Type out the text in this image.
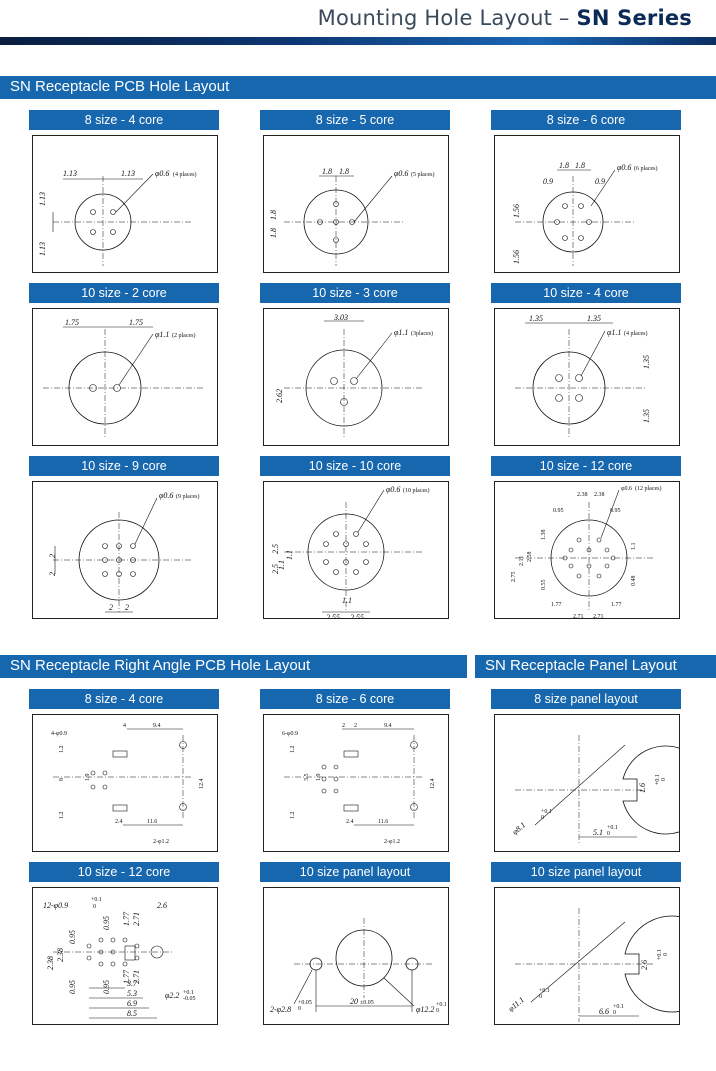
Mounting Hole Layout – SN Series
SN Receptacle PCB Hole Layout
SN Receptacle Right Angle PCB Hole Layout	SN Receptacle Panel Layout
8 size - 4 core
1.13	1.13
1.13
1.13
φ0.6 (4 places)
8 size - 5 core
1.8 1.8
1.8
1.8
φ0.6 (5 places)
8 size - 6 core
1.8 1.8
0.9	0.9
1.56
1.56
φ0.6 (6 places)
10 size - 2 core
1.75	1.75
φ1.1 (2 places)
10 size - 3 core
3.03
2.62
φ1.1 (3places)
10 size - 4 core
1.35	1.35
1.35
1.35
φ1.1 (4 places)
10 size - 9 core
2
2
2 2
φ0.6 (9 places)
10 size - 10 core
2.5
2.5
1.1
1.1
1.1
2.55 2.55
φ0.6 (10 places)
10 size - 12 core
2.38 2.38
0.95	0.95
1.38
2.58
2.11
2.75
0.55
1.1
0.48
1.77	1.77
2.71 2.71
φ0.6 (12 places)
8 size - 4 core
4-φ0.9
4	9.4
1.2
1.9
8	12.4
1.2
2.4	11.6
2-φ1.2
8 size - 6 core
6-φ0.9
2 2	9.4
1.2
3.5 1.9
12.4
1.2
2.4	11.6
2-φ1.2
8 size panel layout
φ8.1
+0.1
0
1.6
+0.1 0
5.1 +0.1
0
10 size - 12 core
12-φ0.9
+0.1
0
1.77 2.71
2.6
0.95
0.95
2.38
2.38
0.95	0.95
1.77 2.71
3.7
5.3
6.9
8.5
φ2.2 +0.1
-0.05
10 size panel layout
2-φ2.8
+0.05
0
20 ±0.05
φ12.2 +0.1
0
10 size panel layout
φ11.1
+0.1
0
2.6
+0.1 0
6.6 +0.1
0
